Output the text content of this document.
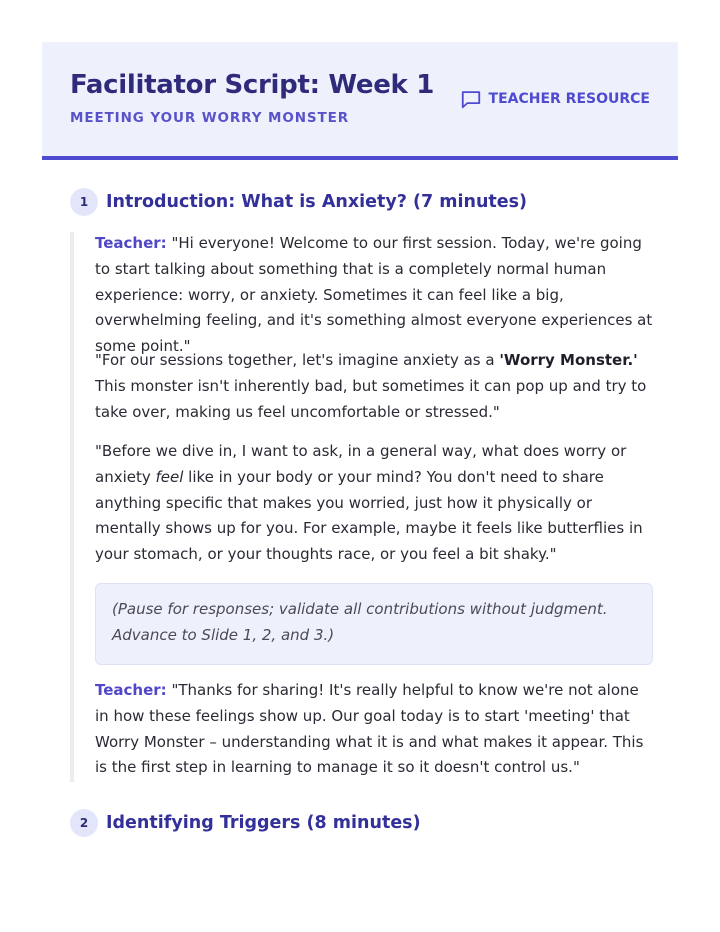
Facilitator Script: Week 1
MEETING YOUR WORRY MONSTER
TEACHER RESOURCE
1	Introduction: What is Anxiety? (7 minutes)

Teacher: "Hi everyone! Welcome to our first session. Today, we're going to start talking about something that is a completely normal human experience: worry, or anxiety. Sometimes it can feel like a big, overwhelming feeling, and it's something almost everyone experiences at some point."

"For our sessions together, let's imagine anxiety as a 'Worry Monster.' This monster isn't inherently bad, but sometimes it can pop up and try to take over, making us feel uncomfortable or stressed."

"Before we dive in, I want to ask, in a general way, what does worry or anxiety feel like in your body or your mind? You don't need to share anything specific that makes you worried, just how it physically or mentally shows up for you. For example, maybe it feels like butterflies in your stomach, or your thoughts race, or you feel a bit shaky."

(Pause for responses; validate all contributions without judgment. Advance to Slide 1, 2, and 3.)

Teacher: "Thanks for sharing! It's really helpful to know we're not alone in how these feelings show up. Our goal today is to start 'meeting' that Worry Monster – understanding what it is and what makes it appear. This is the first step in learning to manage it so it doesn't control us."

2	Identifying Triggers (8 minutes)
